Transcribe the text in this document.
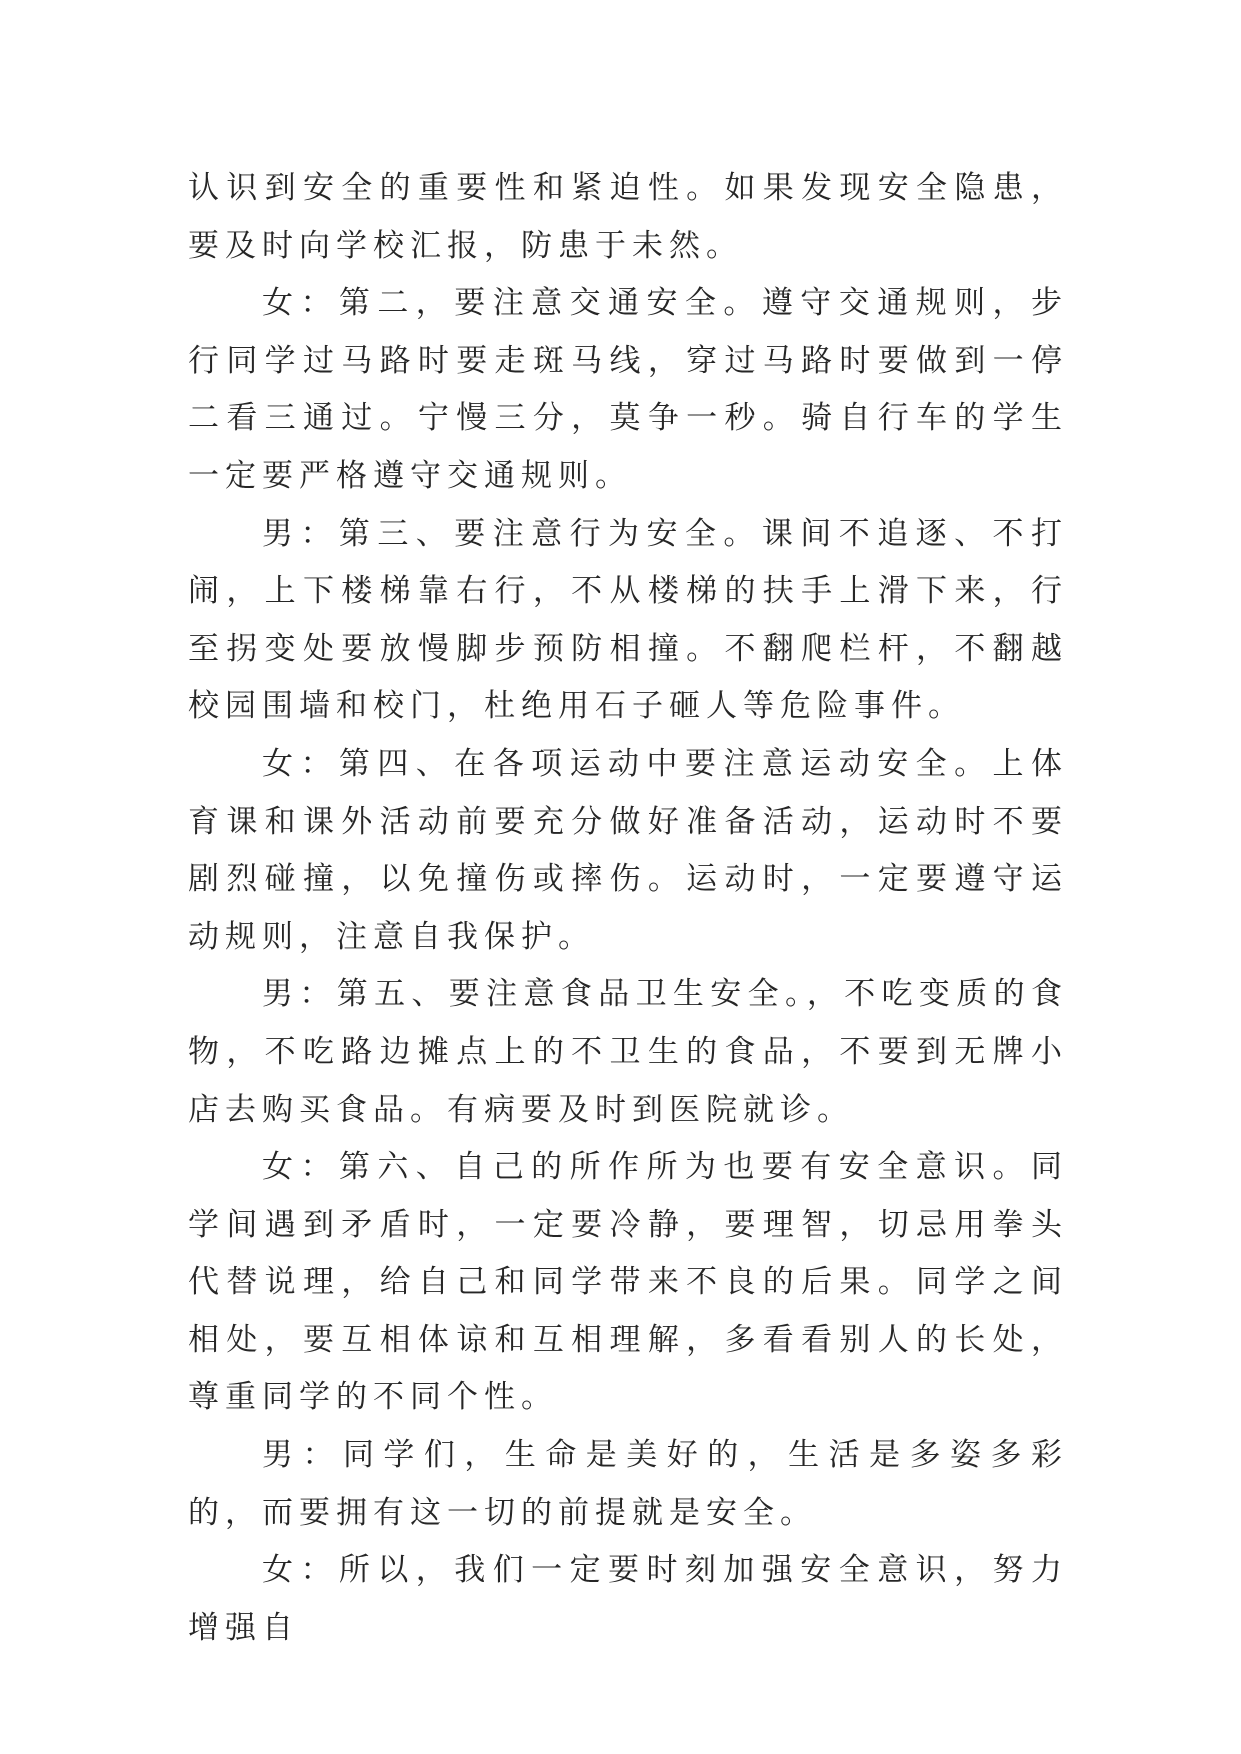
认识到安全的重要性和紧迫性。如果发现安全隐患，要及时向学校汇报，防患于未然。

女：第二，要注意交通安全。遵守交通规则，步行同学过马路时要走斑马线，穿过马路时要做到一停二看三通过。宁慢三分，莫争一秒。骑自行车的学生一定要严格遵守交通规则。

男：第三、要注意行为安全。课间不追逐、不打闹，上下楼梯靠右行，不从楼梯的扶手上滑下来，行至拐变处要放慢脚步预防相撞。不翻爬栏杆，不翻越校园围墙和校门，杜绝用石子砸人等危险事件。

女：第四、在各项运动中要注意运动安全。上体育课和课外活动前要充分做好准备活动，运动时不要剧烈碰撞，以免撞伤或摔伤。运动时，一定要遵守运动规则，注意自我保护。

男：第五、要注意食品卫生安全。，不吃变质的食物，不吃路边摊点上的不卫生的食品，不要到无牌小店去购买食品。有病要及时到医院就诊。

女：第六、自己的所作所为也要有安全意识。同学间遇到矛盾时，一定要冷静，要理智，切忌用拳头代替说理，给自己和同学带来不良的后果。同学之间相处，要互相体谅和互相理解，多看看别人的长处，尊重同学的不同个性。

男：同学们，生命是美好的，生活是多姿多彩的，而要拥有这一切的前提就是安全。

女：所以，我们一定要时刻加强安全意识，努力增强自
